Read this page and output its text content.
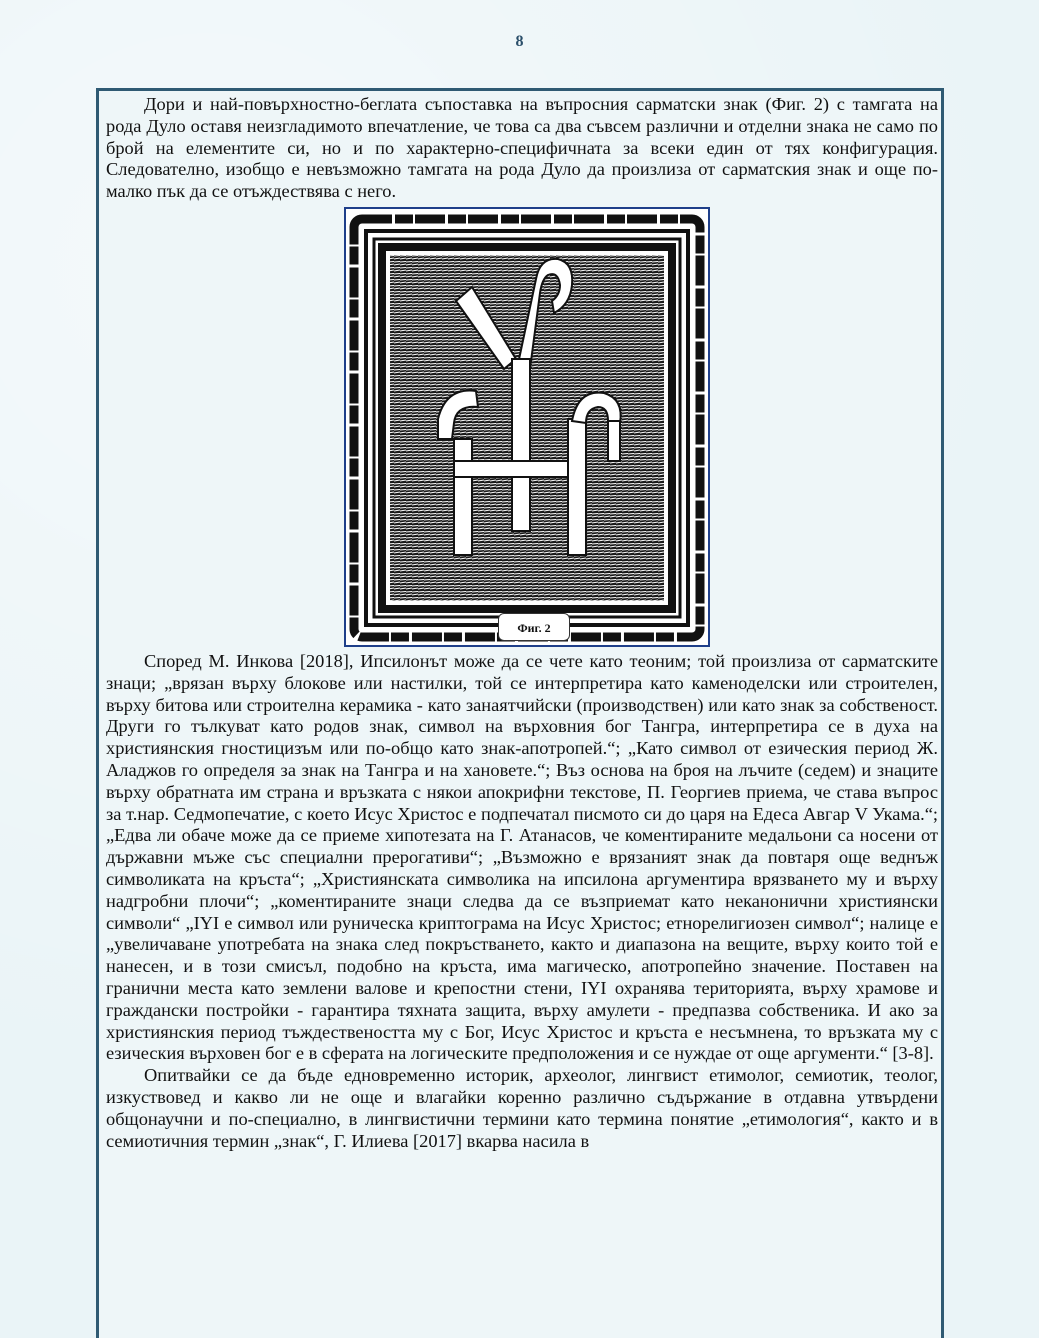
8

Дори и най-повърхностно-беглата съпоставка на въпросния сарматски знак (Фиг. 2) с тамгата на рода Дуло оставя неизгладимото впечатление, че това са два съвсем различни и отделни знака не само по брой на елементите си, но и по характерно-специфичната за всеки един от тях конфигурация. Следователно, изобщо е невъзможно тамгата на рода Дуло да произлиза от сарматския знак и още по-малко пък да се отъждествява с него.

Фиг. 2

Според М. Инкова [2018], Ипсилонът може да се чете като теоним; той произлиза от сарматските знаци; „врязан върху блокове или настилки, той се интерпретира като каменоделски или строителен, върху битова или строителна керамика - като занаятчийски (производствен) или като знак за собственост. Други го тълкуват като родов знак, символ на върховния бог Тангра, интерпретира се в духа на християнския гностицизъм или по-общо като знак-апотропей.“; „Като символ от езическия период Ж. Аладжов го определя за знак на Тангра и на хановете.“; Въз основа на броя на лъчите (седем) и знаците върху обратната им страна и връзката с някои апокрифни текстове, П. Георгиев приема, че става въпрос за т.нар. Седмопечатие, с което Исус Христос е подпечатал писмото си до царя на Едеса Авгар V Укама.“; „Едва ли обаче може да се приеме хипотезата на Г. Атанасов, че коментираните медальони са носени от държавни мъже със специални прерогативи“; „Възможно е врязаният знак да повтаря още веднъж символиката на кръста“; „Християнската символика на ипсилона аргументира врязването му и върху надгробни плочи“; „коментираните знаци следва да се възприемат като неканонични християнски символи“ „IYI е символ или руническа криптограма на Исус Христос; етнорелигиозен символ“; налице е „увеличаване употребата на знака след покръстването, както и диапазона на вещите, върху които той е нанесен, и в този смисъл, подобно на кръста, има магическо, апотропейно значение. Поставен на гранични места като землени валове и крепостни стени, IYI охранява територията, върху храмове и граждански постройки - гарантира тяхната защита, върху амулети - предпазва собственика. И ако за християнския период тъждествеността му с Бог, Исус Христос и кръста е несъмнена, то връзката му с езическия върховен бог е в сферата на логическите предположения и се нуждае от още аргументи.“ [3-8].

Опитвайки се да бъде едновременно историк, археолог, лингвист етимолог, семиотик, теолог, изкуствовед и какво ли не още и влагайки коренно различно съдържание в отдавна утвърдени общонаучни и по-специално, в лингвистични термини като термина понятие „етимология“, както и в семиотичния термин „знак“, Г. Илиева [2017] вкарва насила в
